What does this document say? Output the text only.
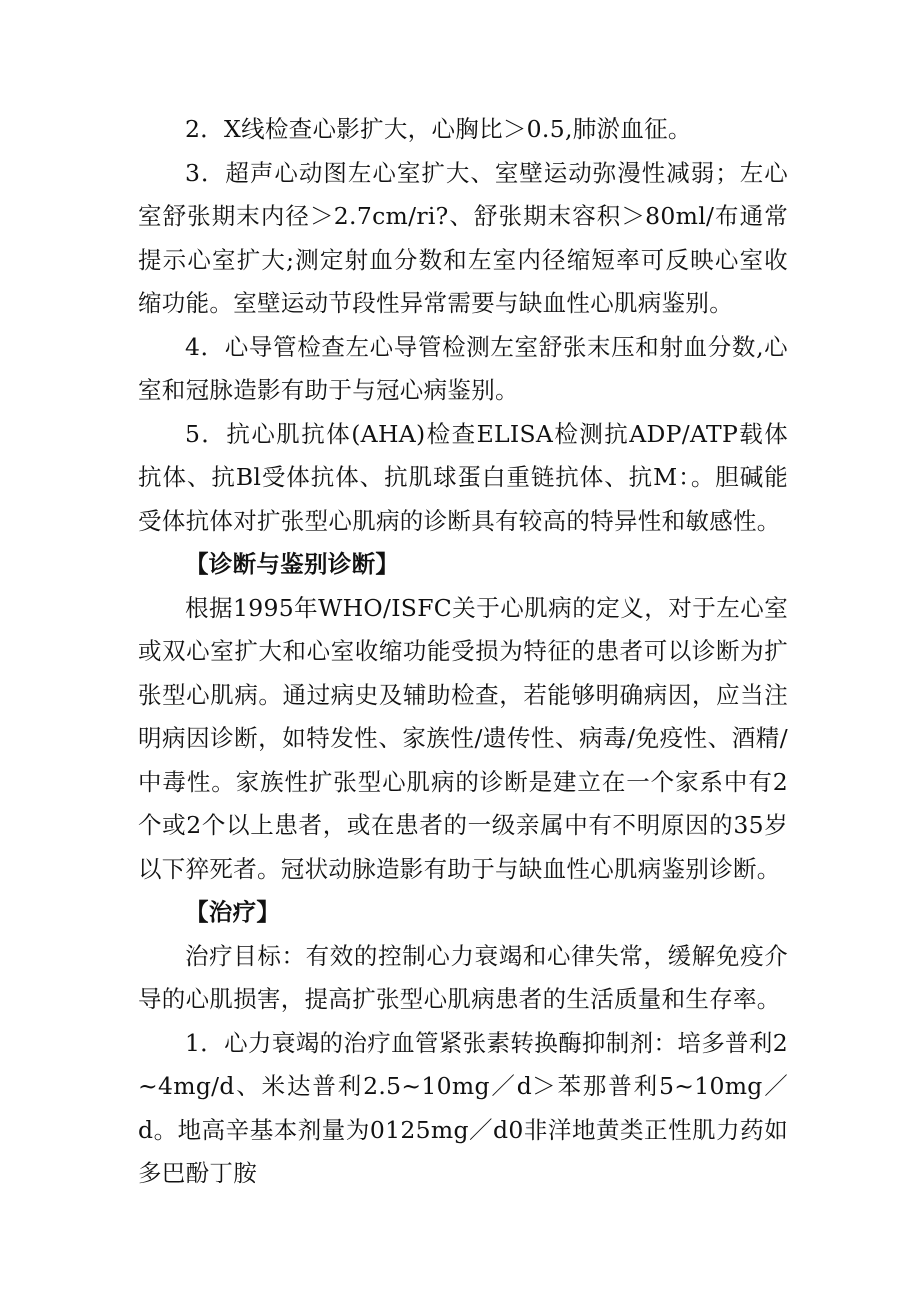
2．X线检查心影扩大，心胸比＞0.5,肺淤血征。

3．超声心动图左心室扩大、室壁运动弥漫性减弱；左心室舒张期末内径＞2.7cm/ri?、舒张期末容积＞80ml/布通常提示心室扩大;测定射血分数和左室内径缩短率可反映心室收缩功能。室壁运动节段性异常需要与缺血性心肌病鉴别。

4．心导管检查左心导管检测左室舒张末压和射血分数,心室和冠脉造影有助于与冠心病鉴别。

5．抗心肌抗体(AHA)检查ELISA检测抗ADP/ATP载体抗体、抗Bl受体抗体、抗肌球蛋白重链抗体、抗M：。胆碱能受体抗体对扩张型心肌病的诊断具有较高的特异性和敏感性。

【诊断与鉴别诊断】

根据1995年WHO/ISFC关于心肌病的定义，对于左心室或双心室扩大和心室收缩功能受损为特征的患者可以诊断为扩张型心肌病。通过病史及辅助检查，若能够明确病因，应当注明病因诊断，如特发性、家族性/遗传性、病毒/免疫性、酒精/中毒性。家族性扩张型心肌病的诊断是建立在一个家系中有2个或2个以上患者，或在患者的一级亲属中有不明原因的35岁以下猝死者。冠状动脉造影有助于与缺血性心肌病鉴别诊断。

【治疗】

治疗目标：有效的控制心力衰竭和心律失常，缓解免疫介导的心肌损害，提高扩张型心肌病患者的生活质量和生存率。

1．心力衰竭的治疗血管紧张素转换酶抑制剂：培多普利2~4mg/d、米达普利2.5~10mg／d＞苯那普利5~10mg／d。地高辛基本剂量为0125mg／d0非洋地黄类正性肌力药如多巴酚丁胺
